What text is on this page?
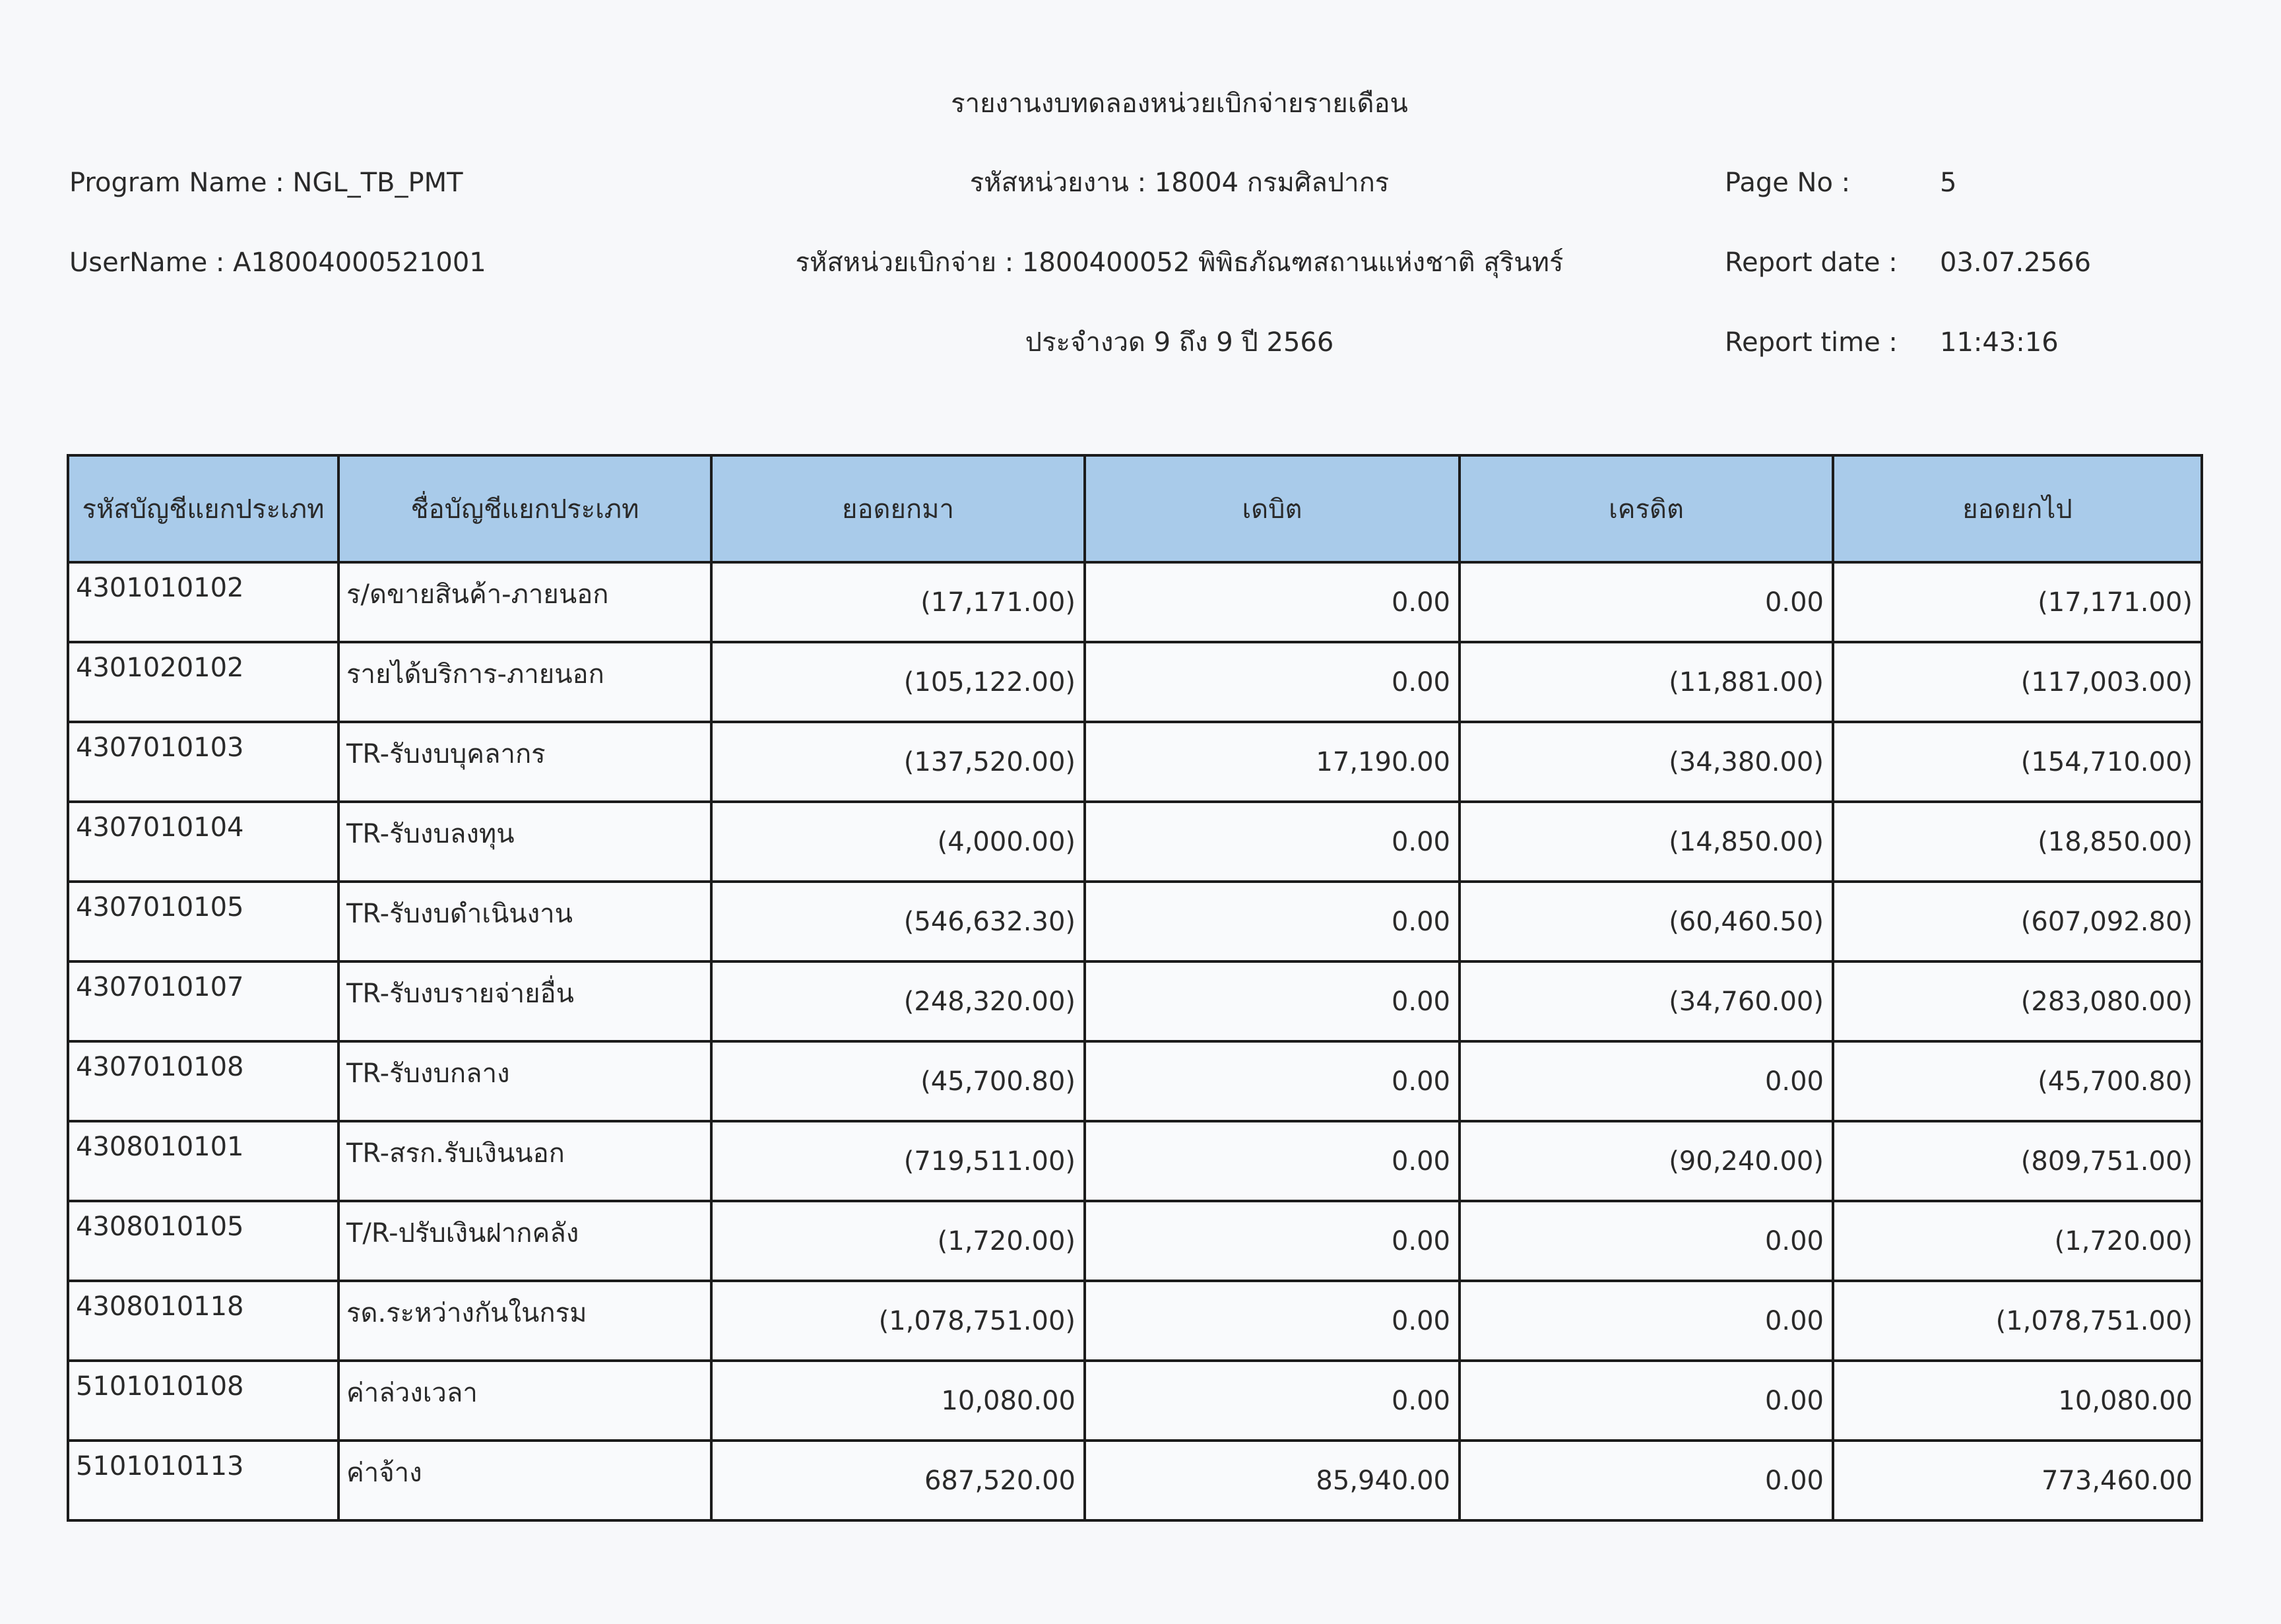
รายงานงบทดลองหน่วยเบิกจ่ายรายเดือน
Program Name : NGL_TB_PMT	รหัสหน่วยงาน : 18004 กรมศิลปากร	Page No :	5
UserName : A18004000521001	รหัสหน่วยเบิกจ่าย : 1800400052 พิพิธภัณฑสถานแห่งชาติ สุรินทร์	Report date : 03.07.2566
ประจำงวด 9 ถึง 9 ปี 2566	Report time : 11:43:16
รหัสบัญชีแยกประเภท	ชื่อบัญชีแยกประเภท	ยอดยกมา	เดบิต	เครดิต	ยอดยกไป
4301010102	ร/ดขายสินค้า-ภายนอก	(17,171.00)	0.00	0.00	(17,171.00)
4301020102	รายได้บริการ-ภายนอก	(105,122.00)	0.00	(11,881.00)	(117,003.00)
4307010103	TR-รับงบบุคลากร	(137,520.00)	17,190.00	(34,380.00)	(154,710.00)
4307010104	TR-รับงบลงทุน	(4,000.00)	0.00	(14,850.00)	(18,850.00)
4307010105	TR-รับงบดำเนินงาน	(546,632.30)	0.00	(60,460.50)	(607,092.80)
4307010107	TR-รับงบรายจ่ายอื่น	(248,320.00)	0.00	(34,760.00)	(283,080.00)
4307010108	TR-รับงบกลาง	(45,700.80)	0.00	0.00	(45,700.80)
4308010101	TR-สรก.รับเงินนอก	(719,511.00)	0.00	(90,240.00)	(809,751.00)
4308010105	T/R-ปรับเงินฝากคลัง	(1,720.00)	0.00	0.00	(1,720.00)
4308010118	รด.ระหว่างกันในกรม	(1,078,751.00)	0.00	0.00	(1,078,751.00)
5101010108	ค่าล่วงเวลา	10,080.00	0.00	0.00	10,080.00
5101010113	ค่าจ้าง	687,520.00	85,940.00	0.00	773,460.00
